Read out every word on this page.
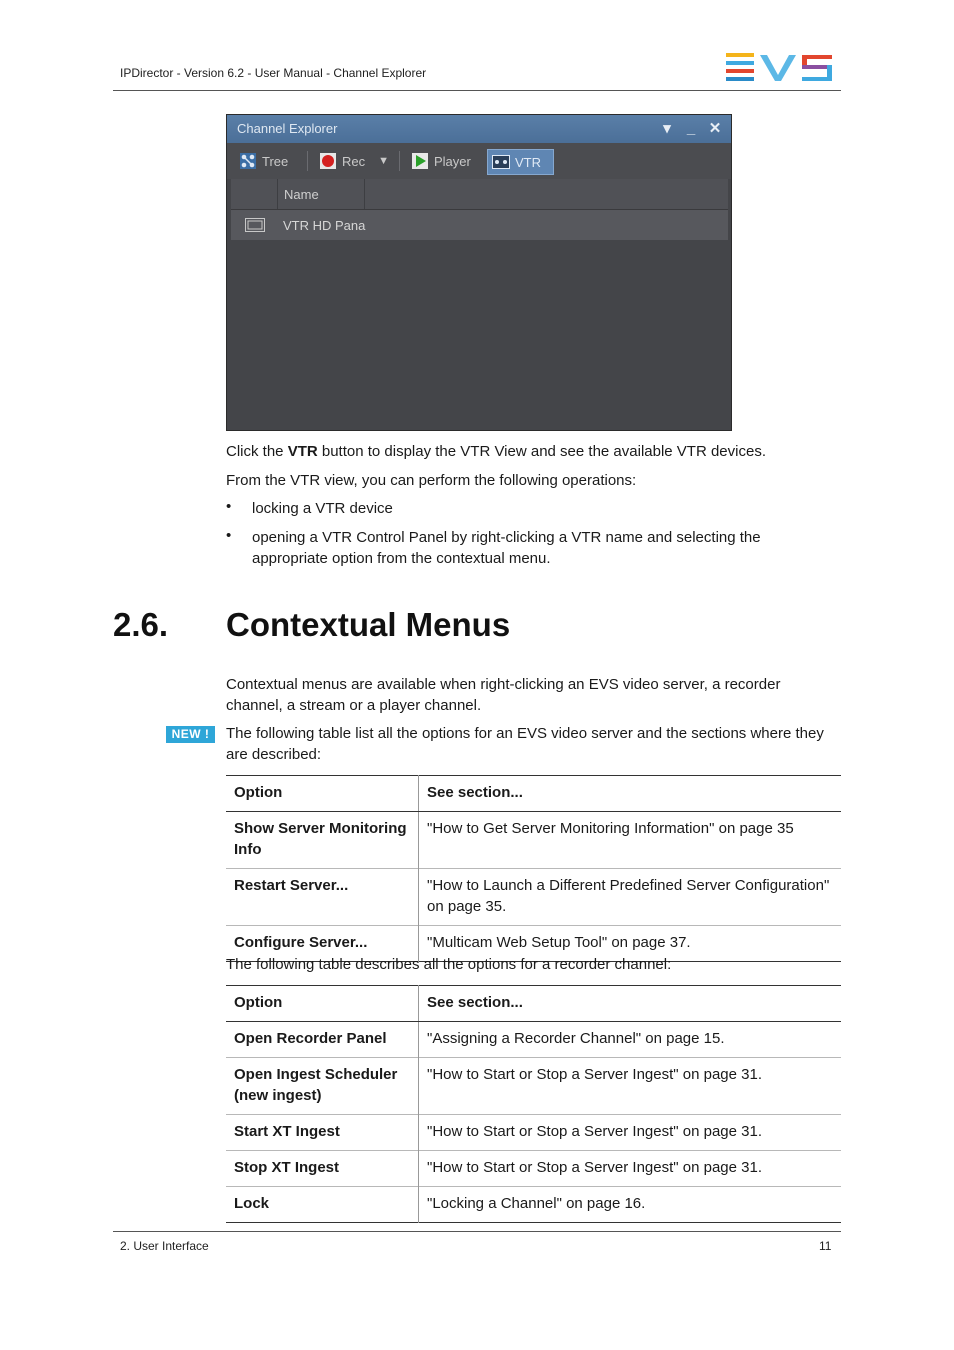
IPDirector - Version 6.2 - User Manual - Channel Explorer
Channel Explorer	▾ _ ✕
Tree	Rec ▼	Player	VTR
Name
VTR HD Pana
Click the VTR button to display the VTR View and see the available VTR devices.
From the VTR view, you can perform the following operations:
• locking a VTR device
• opening a VTR Control Panel by right-clicking a VTR name and selecting the appropriate option from the contextual menu.
2.6. Contextual Menus
Contextual menus are available when right-clicking an EVS video server, a recorder channel, a stream or a player channel.
NEW !	The following table list all the options for an EVS video server and the sections where they are described:
Option	See section...
Show Server Monitoring Info	"How to Get Server Monitoring Information" on page 35
Restart Server...	"How to Launch a Different Predefined Server Configuration" on page 35.
Configure Server...	"Multicam Web Setup Tool" on page 37.
The following table describes all the options for a recorder channel:
Option	See section...
Open Recorder Panel	"Assigning a Recorder Channel" on page 15.
Open Ingest Scheduler (new ingest)	"How to Start or Stop a Server Ingest" on page 31.
Start XT Ingest	"How to Start or Stop a Server Ingest" on page 31.
Stop XT Ingest	"How to Start or Stop a Server Ingest" on page 31.
Lock	"Locking a Channel" on page 16.
2. User Interface	11
